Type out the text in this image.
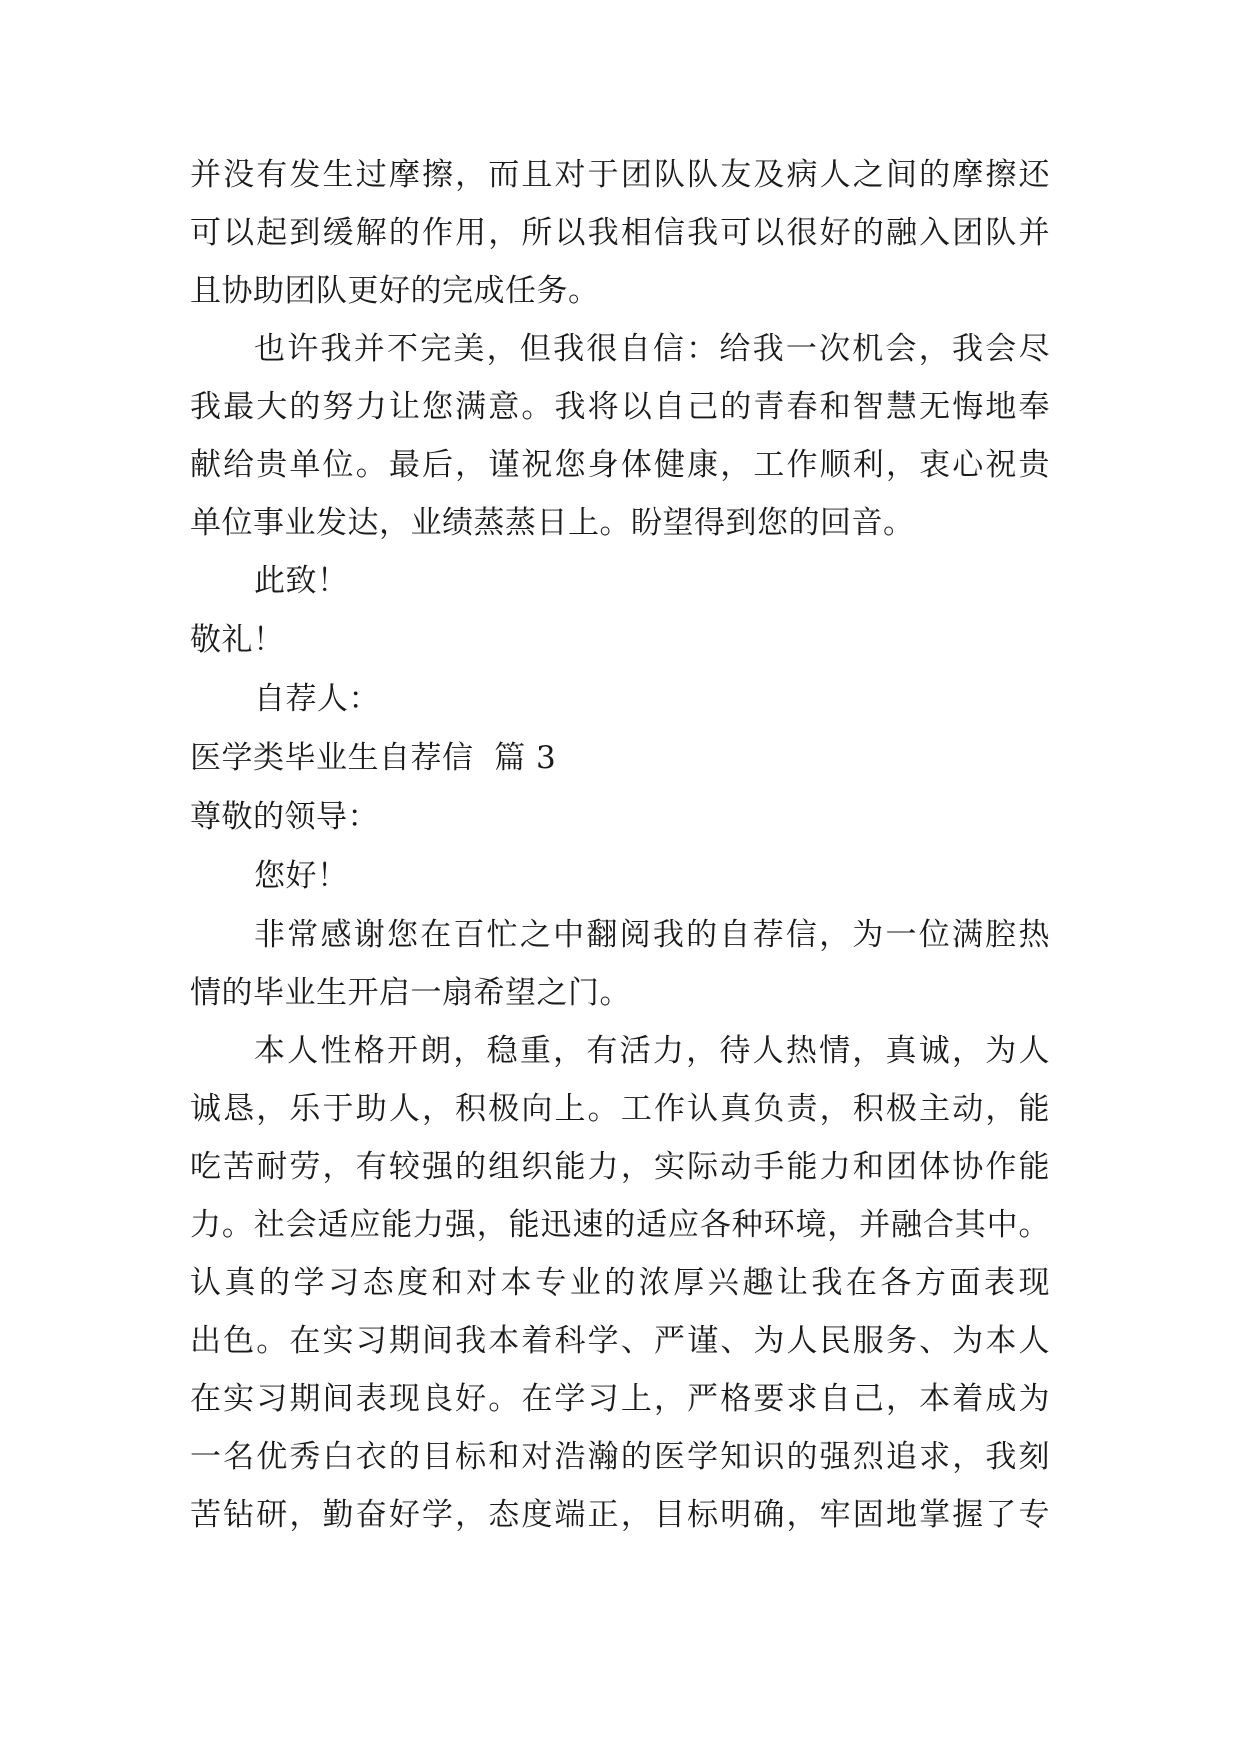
并没有发生过摩擦，而且对于团队队友及病人之间的摩擦还
可以起到缓解的作用，所以我相信我可以很好的融入团队并
且协助团队更好的完成任务。
也许我并不完美，但我很自信：给我一次机会，我会尽
我最大的努力让您满意。我将以自己的青春和智慧无悔地奉
献给贵单位。最后，谨祝您身体健康，工作顺利，衷心祝贵
单位事业发达，业绩蒸蒸日上。盼望得到您的回音。
此致！
敬礼！
自荐人：
医学类毕业生自荐信  篇 3
尊敬的领导：
您好！
非常感谢您在百忙之中翻阅我的自荐信，为一位满腔热
情的毕业生开启一扇希望之门。
本人性格开朗，稳重，有活力，待人热情，真诚，为人
诚恳，乐于助人，积极向上。工作认真负责，积极主动，能
吃苦耐劳，有较强的组织能力，实际动手能力和团体协作能
力。社会适应能力强，能迅速的适应各种环境，并融合其中。
认真的学习态度和对本专业的浓厚兴趣让我在各方面表现
出色。在实习期间我本着科学、严谨、为人民服务、为本人
在实习期间表现良好。在学习上，严格要求自己，本着成为
一名优秀白衣的目标和对浩瀚的医学知识的强烈追求，我刻
苦钻研，勤奋好学，态度端正，目标明确，牢固地掌握了专
